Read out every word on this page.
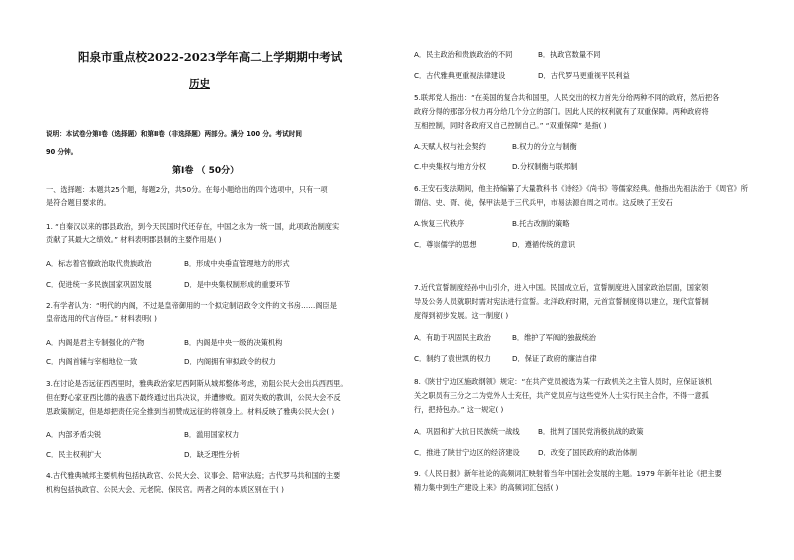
阳泉市重点校2022-2023学年高二上学期期中考试
历史
说明：本试卷分第Ⅰ卷（选择题）和第Ⅱ卷（非选择题）两部分。满分 100 分。考试时间
90 分钟。
第Ⅰ卷 （ 50分）

一、选择题：本题共25个题，每题2分，共50分。在每小题给出的四个选项中，只有一项

是符合题目要求的。

1. “自秦汉以来的郡县政治，到今天民国时代还存在，中国之永为一统一国，此项政治制度实

贡献了其最大之绩效。” 材料表明郡县制的主要作用是( )

A．标志着官僚政治取代贵族政治	B．形成中央垂直管理地方的形式

C．促进统一多民族国家巩固发展	D．是中央集权制形成的重要环节

2.有学者认为：“明代的内阁，不过是皇帝御用的一个拟定制诏政令文件的文书房……阁臣是

皇帝选用的代言侍臣。” 材料表明( )

A．内阁是君主专制强化的产物	B．内阁是中央一级的决策机构

C．内阁首辅与宰相地位一致	D．内阁拥有审拟政令的权力

3.在讨论是否远征西西里时，雅典政治家尼西阿斯从城邦整体考虑，劝阻公民大会出兵西西里。

但在野心家亚西比德的蛊惑下最终通过出兵决议，并遭惨败。面对失败的教训，公民大会不反

思政策制定，但是却把责任完全推到当初赞成远征的将领身上。材料反映了雅典公民大会( )

A．内部矛盾尖锐	B．滥用国家权力

C．民主权利扩大	D．缺乏理性分析

4.古代雅典城邦主要机构包括执政官、公民大会、议事会、陪审法庭；古代罗马共和国的主要

机构包括执政官、公民大会、元老院、保民官。两者之间的本质区别在于( )

A．民主政治和贵族政治的不同	B．执政官数量不同

C．古代雅典更重视法律建设	D．古代罗马更重视平民利益

5.联邦党人指出：“在美国的复合共和国里，人民交出的权力首先分给两种不同的政府，然后把各

政府分得的那部分权力再分给几个分立的部门。因此人民的权利就有了双重保障。两种政府将

互相控制，同时各政府又自己控制自己。” “双重保障” 是指( )

A.天赋人权与社会契约	B.权力的分立与制衡

C.中央集权与地方分权	D.分权制衡与联邦制

6.王安石变法期间，他主持编纂了大量教科书《诗经》《尚书》等儒家经典。他指出先祖法治于《周官》所

谓信、史、胥、徒，保甲法是于三代兵甲，市易法源自周之司市。这反映了王安石

A.恢复三代秩序	B.托古改制的策略

C．尊崇儒学的思想	D．遵循传统的意识

7.近代宣誓制度经孙中山引介，进入中国。民国成立后，宣誓制度进入国家政治层面，国家领

导及公务人员就职时需对宪法进行宣誓。北洋政府时期，元首宣誓制度得以建立，现代宣誓制

度得到初步发展。这一制度( )

A．有助于巩固民主政治	B．维护了军阀的独裁统治

C．制约了袁世凯的权力	D．保证了政府的廉洁自律

8.《陕甘宁边区施政纲领》规定：“在共产党员被选为某一行政机关之主管人员时，应保证该机

关之职员有三分之二为党外人士充任，共产党员应与这些党外人士实行民主合作，不得一意孤

行，把持包办。” 这一规定( )

A．巩固和扩大抗日民族统一战线	B．批判了国民党消极抗战的政策

C．推进了陕甘宁边区的经济建设	D．改变了国民政府的政治体制

9.《人民日报》新年社论的高频词汇映射着当年中国社会发展的主题。1979 年新年社论《把主要

精力集中到生产建设上来》的高频词汇包括( )
